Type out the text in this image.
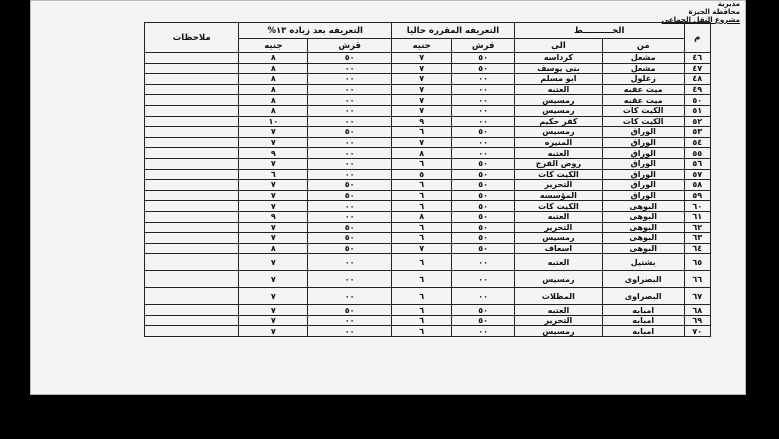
مديرية
محافظة الجيزة
مشروع النقل الجماعى
م	الخــــــــــط		التعريفه المقرره حاليا		التعريفه بعد زياده ١٣%		ملاحظات
	من	الى	قرش	جنيه	قرش	جنيه	
٤٦	مشعل	كرداسه	٥٠	٧	٥٠	٨	
٤٧	مشعل	بنى يوسف	٥٠	٧	٠٠	٨	
٤٨	زغلول	ابو مسلم	٠٠	٧	٠٠	٨	
٤٩	ميت عقبه	العتبه	٠٠	٧	٠٠	٨	
٥٠	ميت عقبه	رمسيس	٠٠	٧	٠٠	٨	
٥١	الكيت كات	رمسيس	٠٠	٧	٠٠	٨	
٥٢	الكيت كات	كفر حكيم	٠٠	٩	٠٠	١٠	
٥٣	الوراق	رمسيس	٥٠	٦	٥٠	٧	
٥٤	الوراق	المنيره	٠٠	٧	٠٠	٧	
٥٥	الوراق	العتبه	٠٠	٨	٠٠	٩	
٥٦	الوراق	روض الفرج	٥٠	٦	٠٠	٧	
٥٧	الوراق	الكيت كات	٥٠	٥	٠٠	٦	
٥٨	الوراق	التحرير	٥٠	٦	٥٠	٧	
٥٩	الوراق	المؤسسه	٥٠	٦	٥٠	٧	
٦٠	البوهى	الكيت كات	٥٠	٦	٠٠	٧	
٦١	البوهى	العتبه	٥٠	٨	٠٠	٩	
٦٢	البوهى	التحرير	٥٠	٦	٥٠	٧	
٦٣	البوهى	رمسيس	٥٠	٦	٥٠	٧	
٦٤	البوهى	اسعاف	٥٠	٧	٥٠	٨	
٦٥	بشتيل	العتبه	٠٠	٦	٠٠	٧	
٦٦	البصراوى	رمسيس	٠٠	٦	٠٠	٧	
٦٧	البصراوى	المظلات	٠٠	٦	٠٠	٧	
٦٨	امبابه	العتبه	٥٠	٦	٥٠	٧	
٦٩	امبابه	التحرير	٥٠	٦	٠٠	٧	
٧٠	امبابه	رمسيس	٠٠	٦	٠٠	٧	
